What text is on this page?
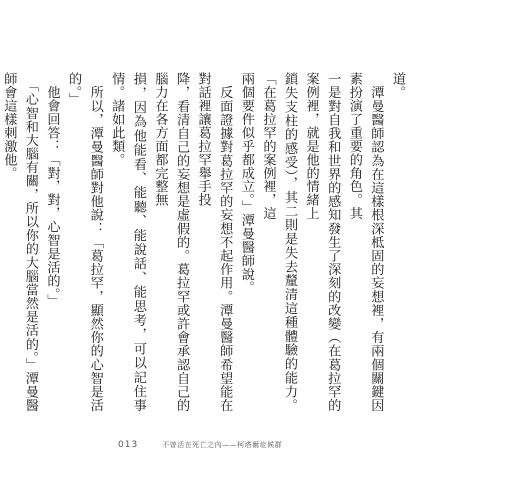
道。

　潭曼醫師認為在這樣根深柢固的妄想裡，有兩個關鍵因素扮演了重要的角色。其

一是對自我和世界的感知發生了深刻的改變（在葛拉罕的案例裡，就是他的情緒上

鎖失支柱的感受），其二則是失去釐清這種體驗的能力。「在葛拉罕的案例裡，這

兩個要件似乎都成立。」潭曼醫師說。

　反面證據對葛拉罕的妄想不起作用。潭曼醫師希望能在對話裡讓葛拉罕舉手投

降，看清自己的妄想是虛假的。葛拉罕或許會承認自己的腦力在各方面都完整無

損，因為他能看、能聽、能說話、能思考，可以記住事情。諸如此類。

　所以，潭曼醫師對他說：「葛拉罕，顯然你的心智是活的。」

　他會回答：「對，對，心智是活的。」

　「心智和大腦有關，所以你的大腦當然是活的。」潭曼醫師會這樣刺激他。

013	不曾活在死亡之內——柯塔爾症候群
